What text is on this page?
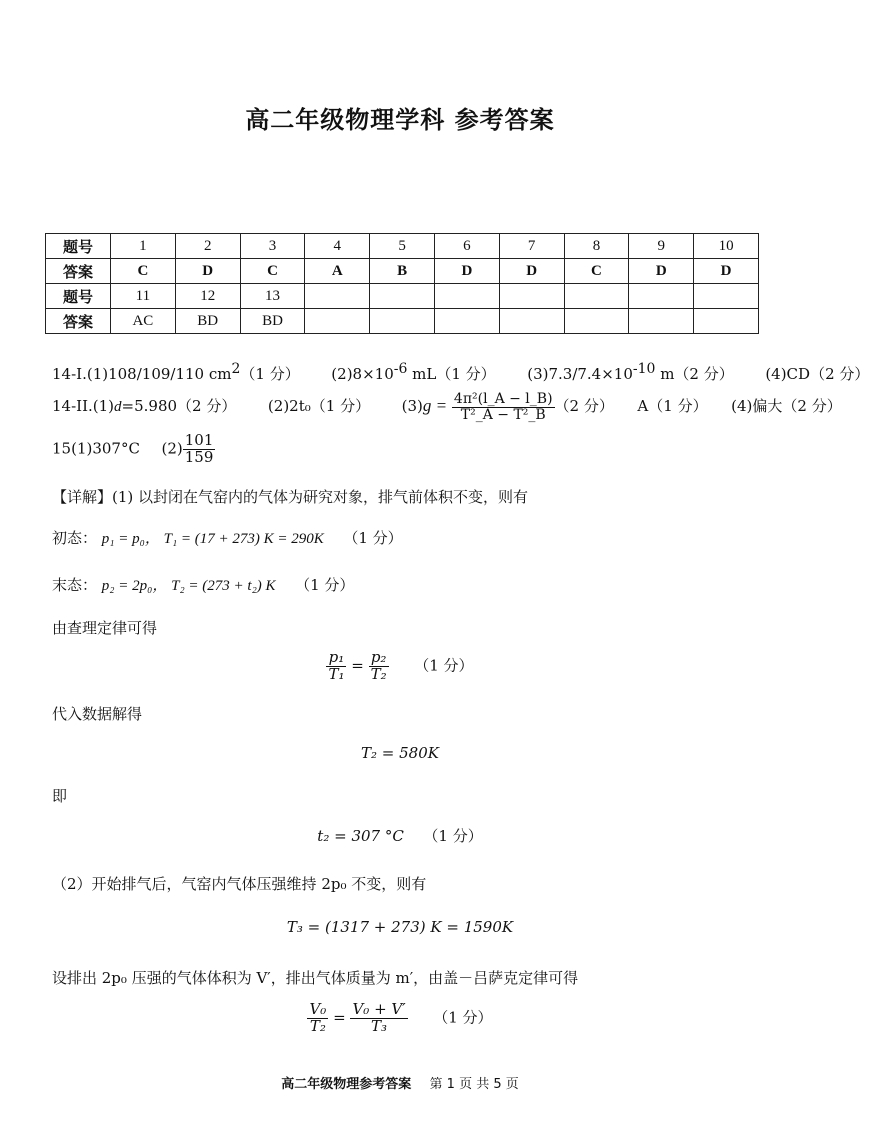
高二年级物理学科 参考答案
题号	1	2	3	4	5	6	7	8	9	10
答案	C	D	C	A	B	D	D	C	D	D
题号	11	12	13							
答案	AC	BD	BD							
14-I.(1)108/109/110 $cm^2(1$ 分） $(2)8\times 10^{-6}$ mL（1 分） $(3)7.3/7.4\times 10^{-10}$ m（2 分） (4)CD（2 分）
14-II.(1)d=5.980（2 分） (2)2t₀（1 分） $(3)g = \frac{\text{4π²(l\_A − l\_B)}}{\text{T²\_A − T²\_B}} (2$ 分） A（1 分） (4)偏大（2 分）
15(1)307°C $(2) \frac{101}{159}$
【详解】(1) 以封闭在气窑内的气体为研究对象，排气前体积不变，则有
初态： p₁ = p₀， T₁ = (17 + 273) K = 290K （1 分）
末态： p₂ = 2p₀， T₂ = (273 + t₂) K （1 分）
由查理定律可得
$\frac{\text{p₁}}{\text{T₁}} = \frac{\text{p₂}}{\text{T₂}} (1$ 分）
代入数据解得
T₂ = 580K
即
t₂ = 307 °C （1 分）
（2）开始排气后，气窑内气体压强维持 2p₀ 不变，则有
T₃ = (1317 + 273) K = 1590K
设排出 2p₀ 压强的气体体积为 V′，排出气体质量为 m′，由盖－吕萨克定律可得
$\frac{\text{V₀}}{\text{T₂}} = \frac{\text{V₀ + V′}}{\text{T₃}} (1$ 分）
高二年级物理参考答案 第 1 页 共 5 页
